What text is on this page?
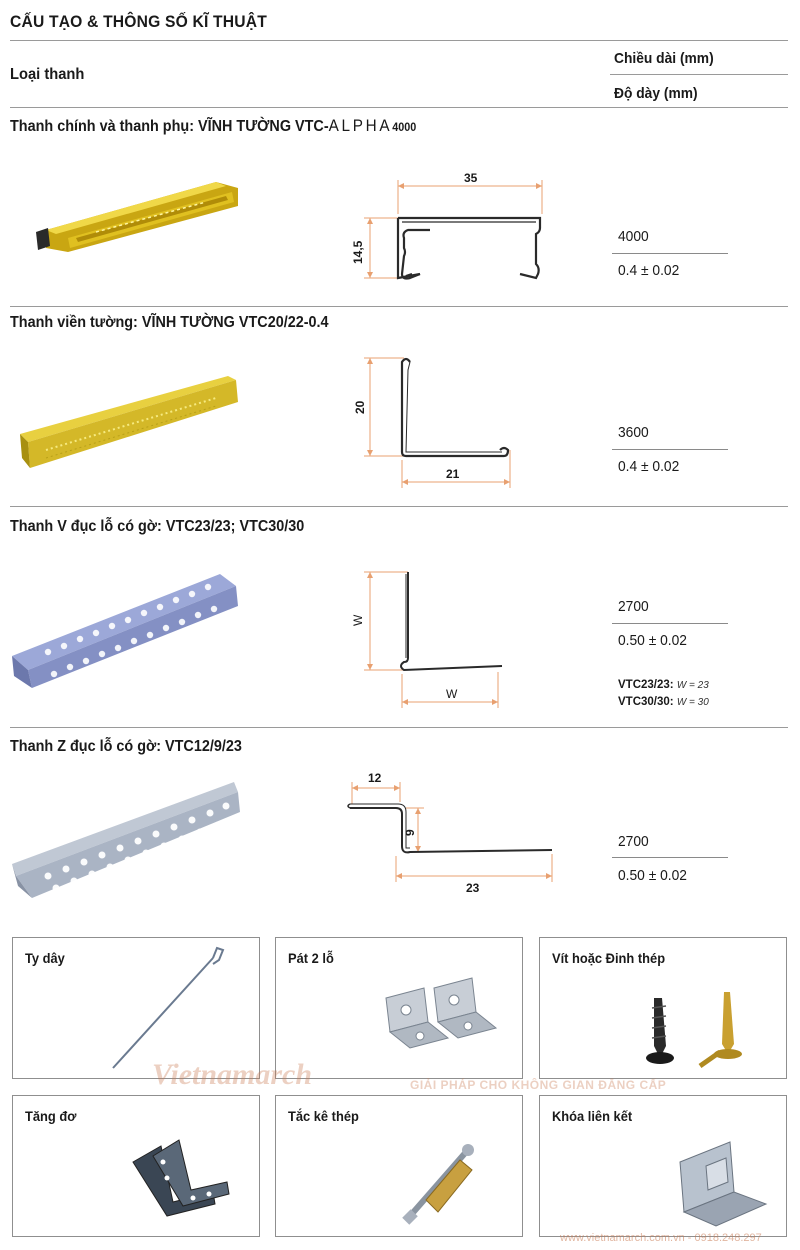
CẤU TẠO & THÔNG SỐ KĨ THUẬT
Loại thanh
Chiều dài (mm)
Độ dày (mm)
Thanh chính và thanh phụ: VĨNH TƯỜNG VTC-ALPHA4000
35
14,5
4000
0.4 ± 0.02
Thanh viền tường: VĨNH TƯỜNG VTC20/22-0.4
20
21
3600
0.4 ± 0.02
Thanh V đục lỗ có gờ: VTC23/23; VTC30/30
W
W
2700
0.50 ± 0.02
VTC23/23: W = 23
VTC30/30: W = 30
Thanh Z đục lỗ có gờ: VTC12/9/23
12
9
23
2700
0.50 ± 0.02
Ty dây	Pát 2 lỗ	Vít hoặc Đinh thép
Tăng đơ	Tắc kê thép	Khóa liên kết
Vietnamarch	GIẢI PHÁP CHO KHÔNG GIAN ĐẲNG CẤP
www.vietnamarch.com.vn - 0918.248.297
